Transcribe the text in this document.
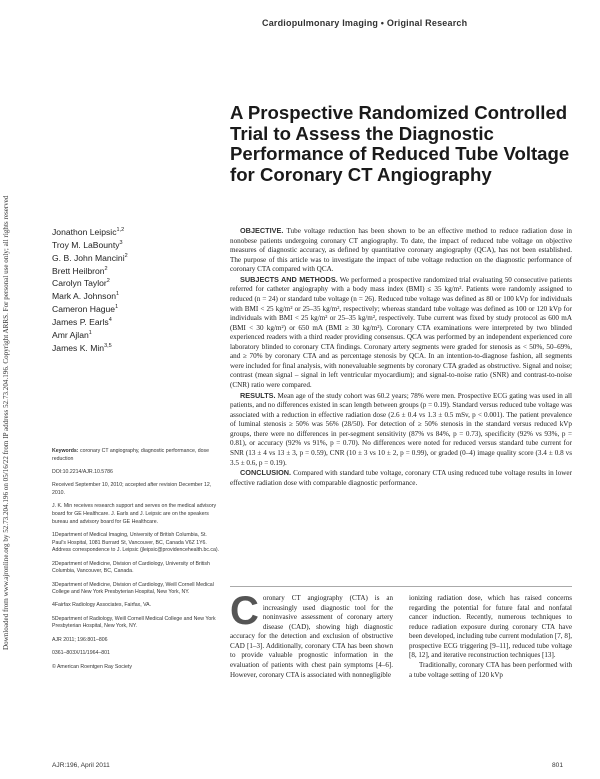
Downloaded from www.ajronline.org by 52.73.204.196 on 05/16/22 from IP address 52.73.204.196. Copyright ARRS. For personal use only; all rights reserved
Cardiopulmonary Imaging • Original Research
A Prospective Randomized Controlled Trial to Assess the Diagnostic Performance of Reduced Tube Voltage for Coronary CT Angiography
Jonathon Leipsic$^{1,2}$
Troy M. LaBounty$^3$
G. B. John Mancini$^2$
Brett Heilbron$^2$
Carolyn Taylor$^2$
Mark A. Johnson$^1$
Cameron Hague$^1$
James P. Earls$^4$
Amr Ajlan$^1$
James K. Min$^{3,5}$

Keywords: coronary CT angiography, diagnostic performance, dose reduction

DOI:10.2214/AJR.10.5786

Received September 10, 2010; accepted after revision December 12, 2010.

J. K. Min receives research support and serves on the medical advisory board for GE Healthcare. J. Earls and J. Leipsic are on the speakers bureau and advisory board for GE Healthcare.

1Department of Medical Imaging, University of British Columbia, St. Paul's Hospital, 1081 Burrard St, Vancouver, BC, Canada V6Z 1Y6. Address correspondence to J. Leipsic (jleipsic@providencehealth.bc.ca).

2Department of Medicine, Division of Cardiology, University of British Columbia, Vancouver, BC, Canada.

3Department of Medicine, Division of Cardiology, Weill Cornell Medical College and New York Presbyterian Hospital, New York, NY.

4Fairfax Radiology Associates, Fairfax, VA.

5Department of Radiology, Weill Cornell Medical College and New York Presbyterian Hospital, New York, NY.

AJR 2011; 196:801–806

0361–803X/11/1964–801

© American Roentgen Ray Society

OBJECTIVE. Tube voltage reduction has been shown to be an effective method to reduce radiation dose in nonobese patients undergoing coronary CT angiography. To date, the impact of reduced tube voltage on objective measures of diagnostic accuracy, as defined by quantitative coronary angiography (QCA), has not been established. The purpose of this article was to investigate the impact of tube voltage reduction on the diagnostic performance of coronary CTA compared with QCA.

SUBJECTS AND METHODS. We performed a prospective randomized trial evaluating 50 consecutive patients referred for catheter angiography with a body mass index (BMI) ≤ 35 kg/m². Patients were randomly assigned to reduced (n = 24) or standard tube voltage (n = 26). Reduced tube voltage was defined as 80 or 100 kVp for individuals with BMI < 25 kg/m² or 25–35 kg/m², respectively; whereas standard tube voltage was defined as 100 or 120 kVp for individuals with BMI < 25 kg/m² or 25–35 kg/m², respectively. Tube current was fixed by study protocol as 600 mA (BMI < 30 kg/m²) or 650 mA (BMI ≥ 30 kg/m²). Coronary CTA examinations were interpreted by two blinded experienced readers with a third reader providing consensus. QCA was performed by an independent experienced core laboratory blinded to coronary CTA findings. Coronary artery segments were graded for stenosis as < 50%, 50–69%, and ≥ 70% by coronary CTA and as percentage stenosis by QCA. In an intention-to-diagnose fashion, all segments were included for final analysis, with nonevaluable segments by coronary CTA graded as obstructive. Signal and noise; contrast (mean signal – signal in left ventricular myocardium); and signal-to-noise ratio (SNR) and contrast-to-noise (CNR) ratio were compared.

RESULTS. Mean age of the study cohort was 60.2 years; 78% were men. Prospective ECG gating was used in all patients, and no differences existed in scan length between groups (p = 0.19). Standard versus reduced tube voltage was associated with a reduction in effective radiation dose (2.6 ± 0.4 vs 1.3 ± 0.5 mSv, p < 0.001). The patient prevalence of luminal stenosis ≥ 50% was 56% (28/50). For detection of ≥ 50% stenosis in the standard versus reduced kVp groups, there were no differences in per-segment sensitivity (87% vs 84%, p = 0.73), specificity (92% vs 93%, p = 0.81), or accuracy (92% vs 91%, p = 0.70). No differences were noted for reduced versus standard tube current for SNR (13 ± 4 vs 13 ± 3, p = 0.59), CNR (10 ± 3 vs 10 ± 2, p = 0.99), or graded (0–4) image quality score (3.4 ± 0.8 vs 3.5 ± 0.6, p = 0.19).

CONCLUSION. Compared with standard tube voltage, coronary CTA using reduced tube voltage results in lower effective radiation dose with comparable diagnostic performance.

Coronary CT angiography (CTA) is an increasingly used diagnostic tool for the noninvasive assessment of coronary artery disease (CAD), showing high diagnostic accuracy for the detection and exclusion of obstructive CAD [1–3]. Additionally, coronary CTA has been shown to provide valuable prognostic information in the evaluation of patients with chest pain symptoms [4–6]. However, coronary CTA is associated with nonnegligible

ionizing radiation dose, which has raised concerns regarding the potential for future fatal and nonfatal cancer induction. Recently, numerous techniques to reduce radiation exposure during coronary CTA have been developed, including tube current modulation [7, 8], prospective ECG triggering [9–11], reduced tube voltage [8, 12], and iterative reconstruction techniques [13].

Traditionally, coronary CTA has been performed with a tube voltage setting of 120 kVp

AJR:196, April 2011	801
